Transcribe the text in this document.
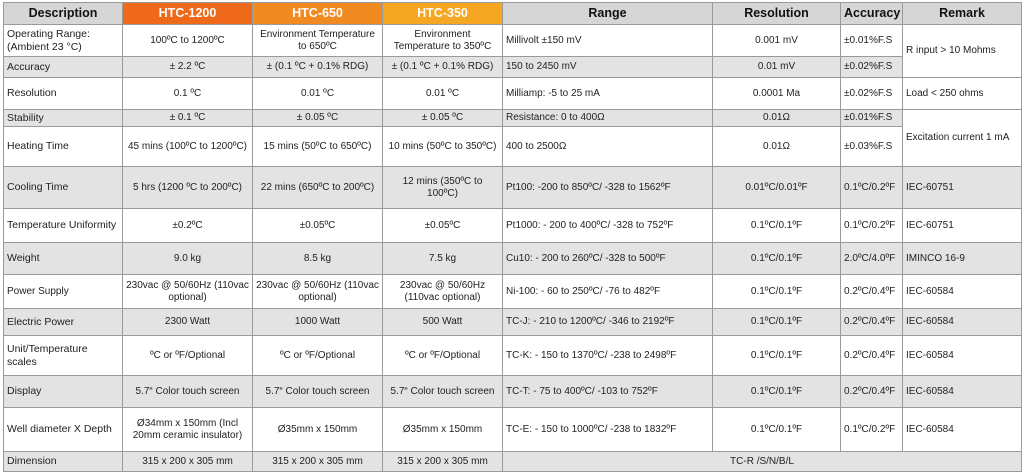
Description	HTC-1200	HTC-650	HTC-350	Range	Resolution	Accuracy	Remark
Operating Range: (Ambient 23 °C)	100ºC to 1200ºC	Environment Temperature to 650ºC	Environment Temperature to 350ºC	Millivolt ±150 mV	0.001 mV	±0.01%F.S	R input > 10 Mohms
Accuracy	± 2.2 ºC	± (0.1 ºC + 0.1% RDG)	± (0.1 ºC + 0.1% RDG)	150 to 2450 mV	0.01 mV	±0.02%F.S	
Resolution	0.1 ºC	0.01 ºC	0.01 ºC	Milliamp: -5 to 25 mA	0.0001 Ma	±0.02%F.S	Load < 250 ohms
Stability	± 0.1 ºC	± 0.05 ºC	± 0.05 ºC	Resistance: 0 to 400Ω	0.01Ω	±0.01%F.S	Excitation current 1 mA
Heating Time	45 mins (100ºC to 1200ºC)	15 mins (50ºC to 650ºC)	10 mins (50ºC to 350ºC)	400 to 2500Ω	0.01Ω	±0.03%F.S	
Cooling Time	5 hrs (1200 ºC to 200ºC)	22 mins (650ºC to 200ºC)	12 mins (350ºC to 100ºC)	Pt100: -200 to 850ºC/ -328 to 1562ºF	0.01ºC/0.01ºF	0.1ºC/0.2ºF	IEC-60751
Temperature Uniformity	±0.2ºC	±0.05ºC	±0.05ºC	Pt1000: - 200 to 400ºC/ -328 to 752ºF	0.1ºC/0.1ºF	0.1ºC/0.2ºF	IEC-60751
Weight	9.0 kg	8.5 kg	7.5 kg	Cu10: - 200 to 260ºC/ -328 to 500ºF	0.1ºC/0.1ºF	2.0ºC/4.0ºF	IMINCO 16-9
Power Supply	230vac @ 50/60Hz (110vac optional)	230vac @ 50/60Hz (110vac optional)	230vac @ 50/60Hz (110vac optional)	Ni-100: - 60 to 250ºC/ -76 to 482ºF	0.1ºC/0.1ºF	0.2ºC/0.4ºF	IEC-60584
Electric Power	2300 Watt	1000 Watt	500 Watt	TC-J: - 210 to 1200ºC/ -346 to 2192ºF	0.1ºC/0.1ºF	0.2ºC/0.4ºF	IEC-60584
Unit/Temperature scales	ºC or ºF/Optional	ºC or ºF/Optional	ºC or ºF/Optional	TC-K: - 150 to 1370ºC/ -238 to 2498ºF	0.1ºC/0.1ºF	0.2ºC/0.4ºF	IEC-60584
Display	5.7“ Color touch screen	5.7“ Color touch screen	5.7“ Color touch screen	TC-T: - 75 to 400ºC/ -103 to 752ºF	0.1ºC/0.1ºF	0.2ºC/0.4ºF	IEC-60584
Well diameter X Depth	Ø34mm x 150mm (Incl 20mm ceramic insulator)	Ø35mm x 150mm	Ø35mm x 150mm	TC-E: - 150 to 1000ºC/ -238 to 1832ºF	0.1ºC/0.1ºF	0.1ºC/0.2ºF	IEC-60584
Dimension	315 x 200 x 305 mm	315 x 200 x 305 mm	315 x 200 x 305 mm	TC-R /S/N/B/L			
